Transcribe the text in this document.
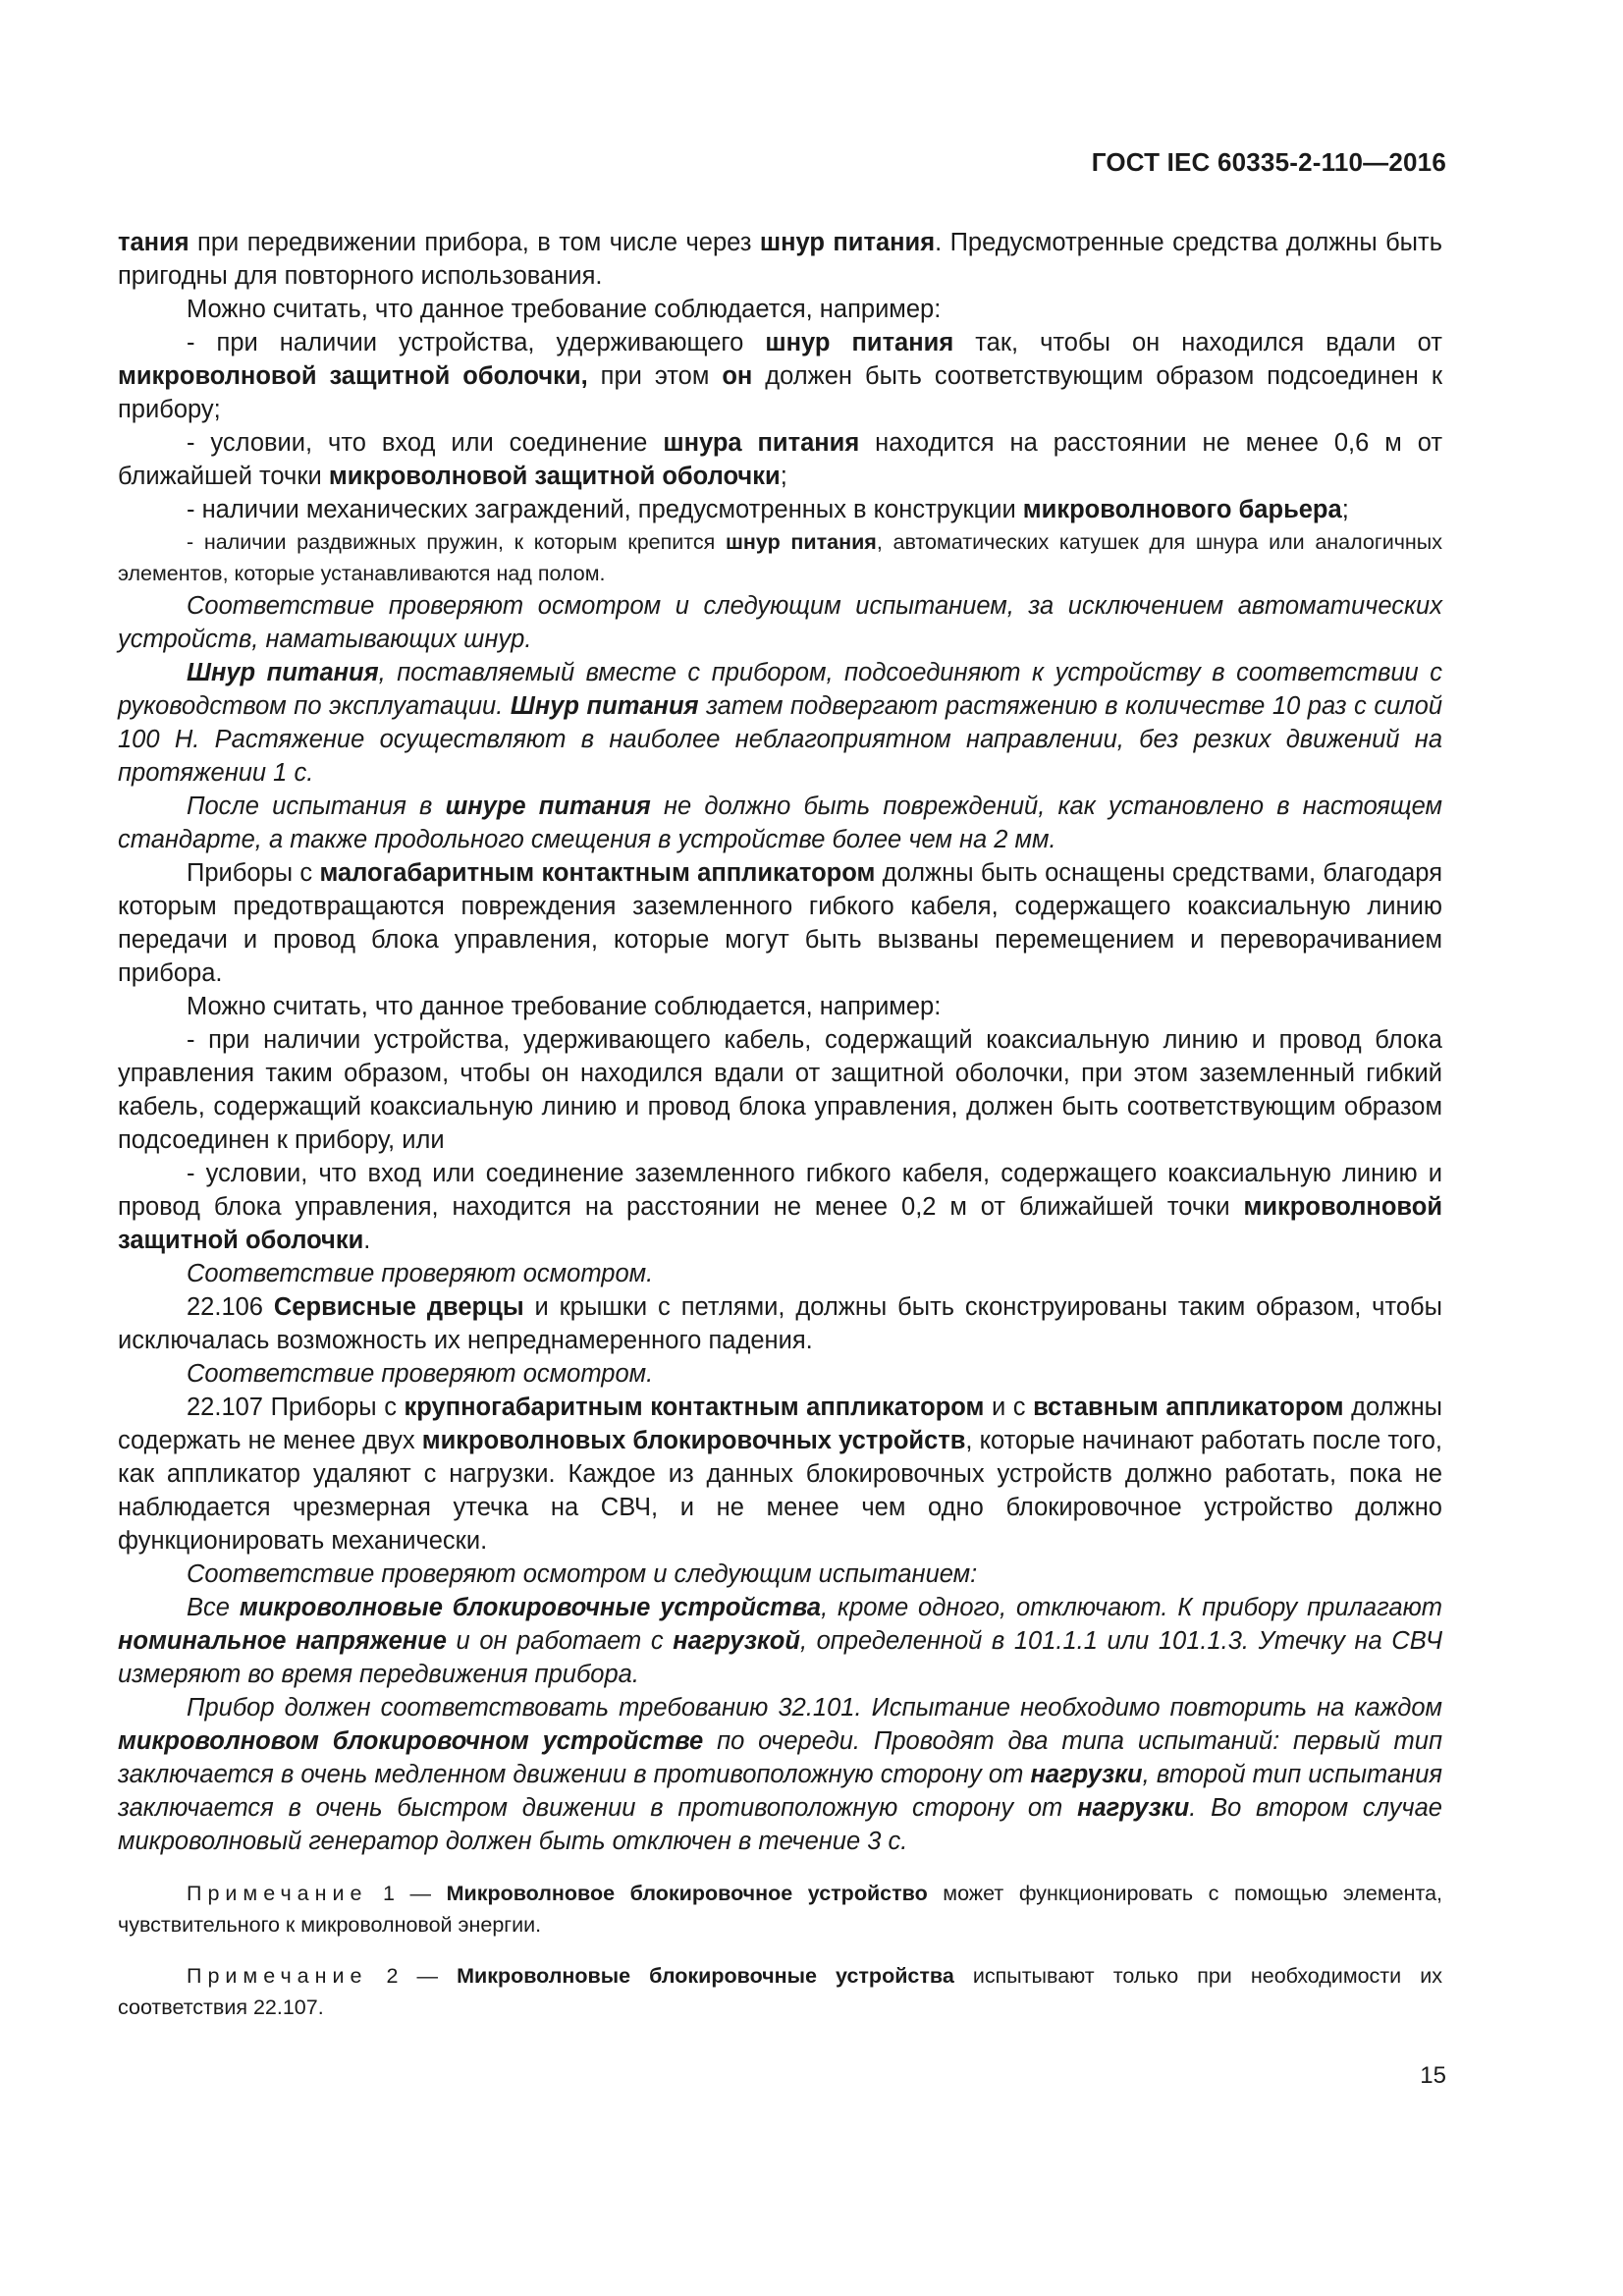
ГОСТ IEC 60335-2-110—2016

тания при передвижении прибора, в том числе через шнур питания. Предусмотренные средства должны быть пригодны для повторного использования.

Можно считать, что данное требование соблюдается, например:

- при наличии устройства, удерживающего шнур питания так, чтобы он находился вдали от микроволновой защитной оболочки, при этом он должен быть соответствующим образом подсоединен к прибору;

- условии, что вход или соединение шнура питания находится на расстоянии не менее 0,6 м от ближайшей точки микроволновой защитной оболочки;

- наличии механических заграждений, предусмотренных в конструкции микроволнового барьера;

- наличии раздвижных пружин, к которым крепится шнур питания, автоматических катушек для шнура или аналогичных элементов, которые устанавливаются над полом.

Соответствие проверяют осмотром и следующим испытанием, за исключением автоматических устройств, наматывающих шнур.

Шнур питания, поставляемый вместе с прибором, подсоединяют к устройству в соответствии с руководством по эксплуатации. Шнур питания затем подвергают растяжению в количестве 10 раз с силой 100 Н. Растяжение осуществляют в наиболее неблагоприятном направлении, без резких движений на протяжении 1 с.

После испытания в шнуре питания не должно быть повреждений, как установлено в настоящем стандарте, а также продольного смещения в устройстве более чем на 2 мм.

Приборы с малогабаритным контактным аппликатором должны быть оснащены средствами, благодаря которым предотвращаются повреждения заземленного гибкого кабеля, содержащего коаксиальную линию передачи и провод блока управления, которые могут быть вызваны перемещением и переворачиванием прибора.

Можно считать, что данное требование соблюдается, например:

- при наличии устройства, удерживающего кабель, содержащий коаксиальную линию и провод блока управления таким образом, чтобы он находился вдали от защитной оболочки, при этом заземленный гибкий кабель, содержащий коаксиальную линию и провод блока управления, должен быть соответствующим образом подсоединен к прибору, или

- условии, что вход или соединение заземленного гибкого кабеля, содержащего коаксиальную линию и провод блока управления, находится на расстоянии не менее 0,2 м от ближайшей точки микроволновой защитной оболочки.

Соответствие проверяют осмотром.

22.106 Сервисные дверцы и крышки с петлями, должны быть сконструированы таким образом, чтобы исключалась возможность их непреднамеренного падения.

Соответствие проверяют осмотром.

22.107 Приборы с крупногабаритным контактным аппликатором и с вставным аппликатором должны содержать не менее двух микроволновых блокировочных устройств, которые начинают работать после того, как аппликатор удаляют с нагрузки. Каждое из данных блокировочных устройств должно работать, пока не наблюдается чрезмерная утечка на СВЧ, и не менее чем одно блокировочное устройство должно функционировать механически.

Соответствие проверяют осмотром и следующим испытанием:

Все микроволновые блокировочные устройства, кроме одного, отключают. К прибору прилагают номинальное напряжение и он работает с нагрузкой, определенной в 101.1.1 или 101.1.3. Утечку на СВЧ измеряют во время передвижения прибора.

Прибор должен соответствовать требованию 32.101. Испытание необходимо повторить на каждом микроволновом блокировочном устройстве по очереди. Проводят два типа испытаний: первый тип заключается в очень медленном движении в противоположную сторону от нагрузки, второй тип испытания заключается в очень быстром движении в противоположную сторону от нагрузки. Во втором случае микроволновый генератор должен быть отключен в течение 3 с.

Примечание 1 — Микроволновое блокировочное устройство может функционировать с помощью элемента, чувствительного к микроволновой энергии.

Примечание 2 — Микроволновые блокировочные устройства испытывают только при необходимости их соответствия 22.107.

15
